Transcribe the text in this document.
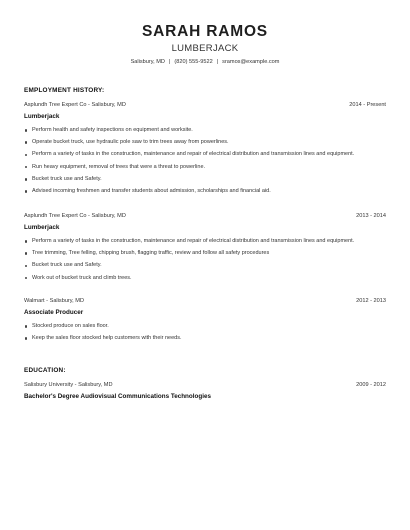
SARAH RAMOS
LUMBERJACK
Salisbury, MD | (820) 555-9522 | sramos@example.com
EMPLOYMENT HISTORY:
Asplundh Tree Expert Co - Salisbury, MD	2014 - Present
Lumberjack
Perform health and safety inspections on equipment and worksite.
Operate bucket truck, use hydraulic pole saw to trim trees away from powerlines.
Perform a variety of tasks in the construction, maintenance and repair of electrical distribution and transmission lines and equipment.
Run heavy equipment, removal of trees that were a threat to powerline.
Bucket truck use and Safety.
Advised incoming freshmen and transfer students about admission, scholarships and financial aid.
Asplundh Tree Expert Co - Salisbury, MD	2013 - 2014
Lumberjack
Perform a variety of tasks in the construction, maintenance and repair of electrical distribution and transmission lines and equipment.
Tree trimming, Tree felling, chipping brush, flagging traffic, review and follow all safety procedures
Bucket truck use and Safety.
Work out of bucket truck and climb trees.
Walmart - Salisbury, MD	2012 - 2013
Associate Producer
Stocked produce on sales floor.
Keep the sales floor stocked help customers with their needs.
EDUCATION:
Salisbury University - Salisbury, MD	2009 - 2012
Bachelor's Degree Audiovisual Communications Technologies
